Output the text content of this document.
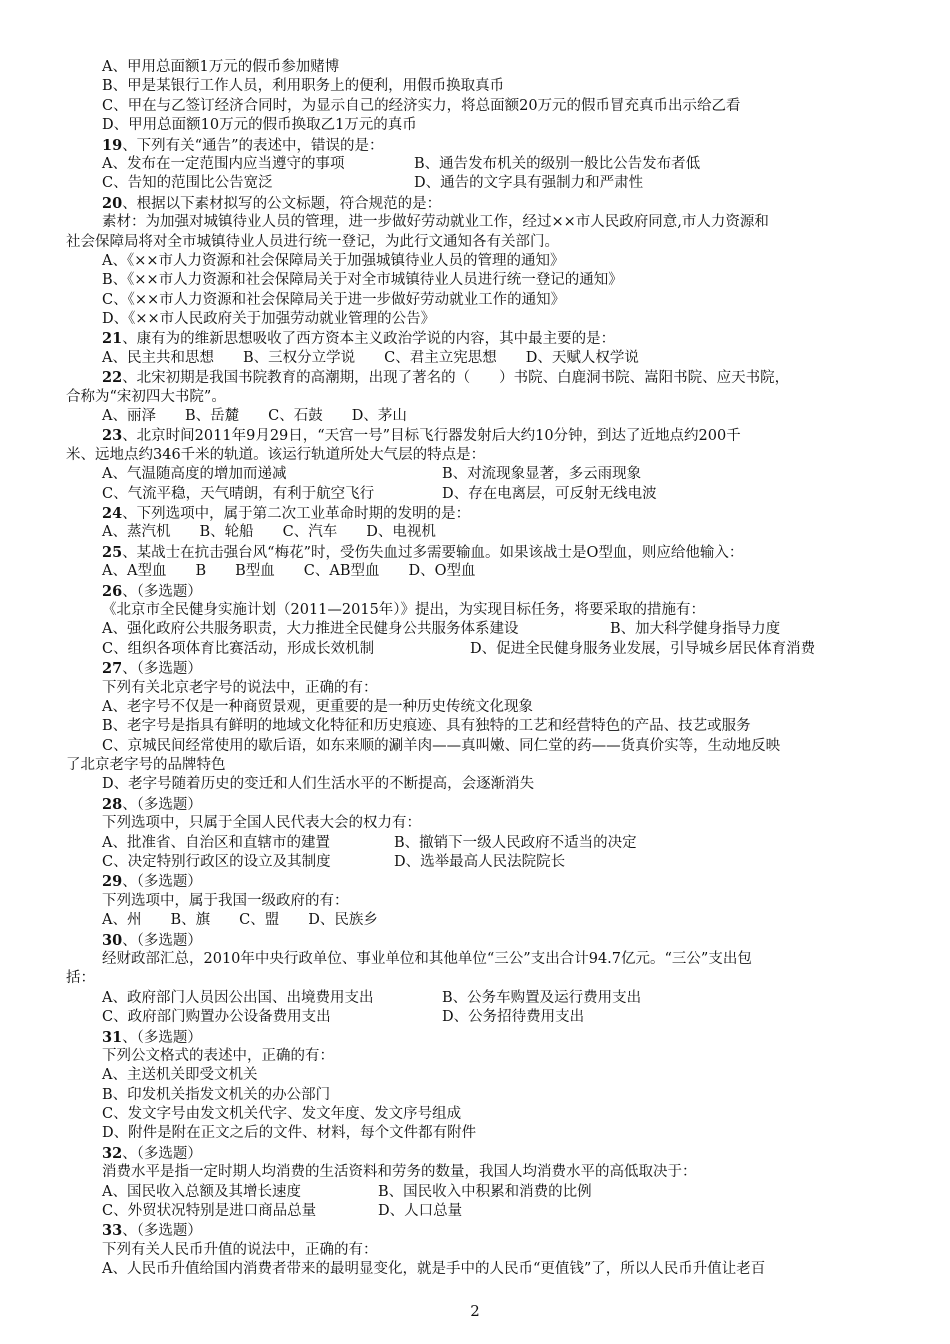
A、甲用总面额1万元的假币参加赌博
B、甲是某银行工作人员，利用职务上的便利，用假币换取真币
C、甲在与乙签订经济合同时，为显示自己的经济实力，将总面额20万元的假币冒充真币出示给乙看
D、甲用总面额10万元的假币换取乙1万元的真币
19、下列有关“通告”的表述中，错误的是：
A、发布在一定范围内应当遵守的事项	B、通告发布机关的级别一般比公告发布者低
C、告知的范围比公告宽泛	D、通告的文字具有强制力和严肃性
20、根据以下素材拟写的公文标题，符合规范的是：
素材：为加强对城镇待业人员的管理，进一步做好劳动就业工作，经过××市人民政府同意,市人力资源和
社会保障局将对全市城镇待业人员进行统一登记，为此行文通知各有关部门。
A、《××市人力资源和社会保障局关于加强城镇待业人员的管理的通知》
B、《××市人力资源和社会保障局关于对全市城镇待业人员进行统一登记的通知》
C、《××市人力资源和社会保障局关于进一步做好劳动就业工作的通知》
D、《××市人民政府关于加强劳动就业管理的公告》
21、康有为的维新思想吸收了西方资本主义政治学说的内容，其中最主要的是：
A、民主共和思想　　B、三权分立学说　　C、君主立宪思想　　D、天赋人权学说
22、北宋初期是我国书院教育的高潮期，出现了著名的（　　）书院、白鹿洞书院、嵩阳书院、应天书院，
合称为“宋初四大书院”。
A、丽泽　　B、岳麓　　C、石鼓　　D、茅山
23、北京时间2011年9月29日，“天宫一号”目标飞行器发射后大约10分钟，到达了近地点约200千
米、远地点约346千米的轨道。该运行轨道所处大气层的特点是：
A、气温随高度的增加而递减	B、对流现象显著，多云雨现象
C、气流平稳，天气晴朗，有利于航空飞行	D、存在电离层，可反射无线电波
24、下列选项中，属于第二次工业革命时期的发明的是：
A、蒸汽机　　B、轮船　　C、汽车　　D、电视机
25、某战士在抗击强台风“梅花”时，受伤失血过多需要输血。如果该战士是O型血，则应给他输入：
A、A型血　　B　　B型血　　C、AB型血　　D、O型血
26、（多选题）
《北京市全民健身实施计划（2011—2015年）》提出，为实现目标任务，将要采取的措施有：
A、强化政府公共服务职责，大力推进全民健身公共服务体系建设	B、加大科学健身指导力度
C、组织各项体育比赛活动，形成长效机制	D、促进全民健身服务业发展，引导城乡居民体育消费
27、（多选题）
下列有关北京老字号的说法中，正确的有：
A、老字号不仅是一种商贸景观，更重要的是一种历史传统文化现象
B、老字号是指具有鲜明的地域文化特征和历史痕迹、具有独特的工艺和经营特色的产品、技艺或服务
C、京城民间经常使用的歇后语，如东来顺的涮羊肉——真叫嫩、同仁堂的药——货真价实等，生动地反映
了北京老字号的品牌特色
D、老字号随着历史的变迁和人们生活水平的不断提高，会逐渐消失
28、（多选题）
下列选项中，只属于全国人民代表大会的权力有：
A、批准省、自治区和直辖市的建置	B、撤销下一级人民政府不适当的决定
C、决定特别行政区的设立及其制度	D、选举最高人民法院院长
29、（多选题）
下列选项中，属于我国一级政府的有：
A、州　　B、旗　　C、盟　　D、民族乡
30、（多选题）
经财政部汇总，2010年中央行政单位、事业单位和其他单位“三公”支出合计94.7亿元。“三公”支出包
括：
A、政府部门人员因公出国、出境费用支出	B、公务车购置及运行费用支出
C、政府部门购置办公设备费用支出	D、公务招待费用支出
31、（多选题）
下列公文格式的表述中，正确的有：
A、主送机关即受文机关
B、印发机关指发文机关的办公部门
C、发文字号由发文机关代字、发文年度、发文序号组成
D、附件是附在正文之后的文件、材料，每个文件都有附件
32、（多选题）
消费水平是指一定时期人均消费的生活资料和劳务的数量，我国人均消费水平的高低取决于：
A、国民收入总额及其增长速度	B、国民收入中积累和消费的比例
C、外贸状况特别是进口商品总量	D、人口总量
33、（多选题）
下列有关人民币升值的说法中，正确的有：
A、人民币升值给国内消费者带来的最明显变化，就是手中的人民币“更值钱”了，所以人民币升值让老百
2
